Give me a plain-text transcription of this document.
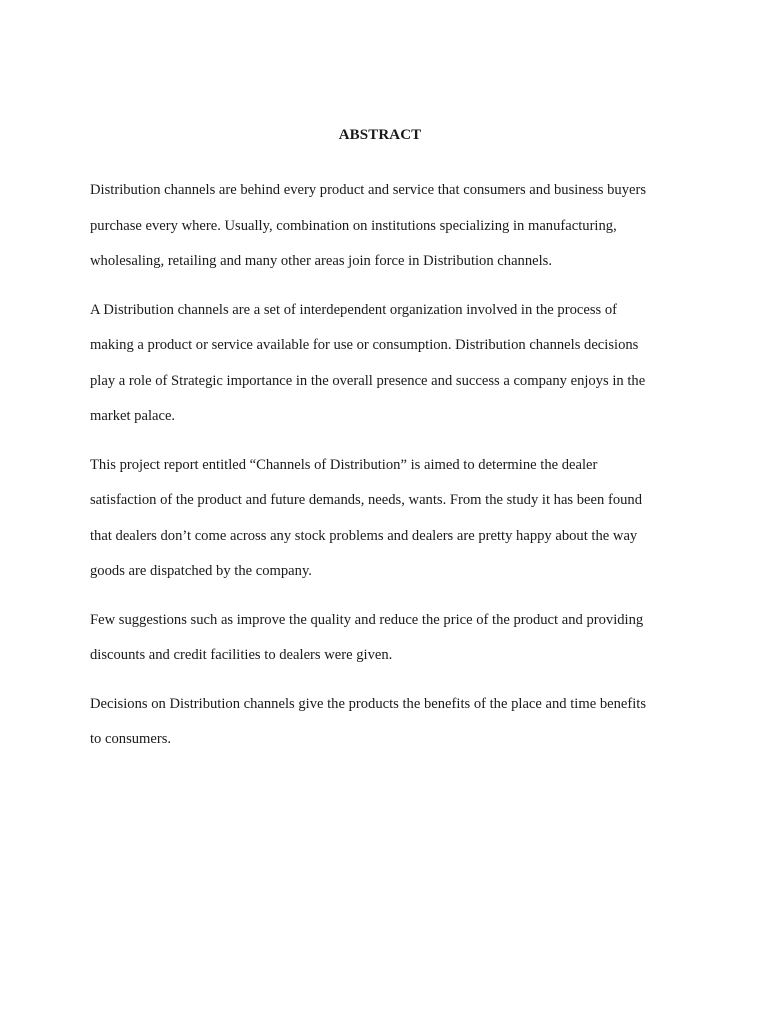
ABSTRACT

Distribution channels are behind every product and service that consumers and business buyers
purchase every where. Usually, combination on institutions specializing in manufacturing,
wholesaling, retailing and many other areas join force in Distribution channels.

A Distribution channels are a set of interdependent organization involved in the process of
making a product or service available for use or consumption. Distribution channels decisions
play a role of Strategic importance in the overall presence and success a company enjoys in the
market palace.

This project report entitled “Channels of Distribution” is aimed to determine the dealer
satisfaction of the product and future demands, needs, wants. From the study it has been found
that dealers don’t come across any stock problems and dealers are pretty happy about the way
goods are dispatched by the company.

Few suggestions such as improve the quality and reduce the price of the product and providing
discounts and credit facilities to dealers were given.

Decisions on Distribution channels give the products the benefits of the place and time benefits
to consumers.
